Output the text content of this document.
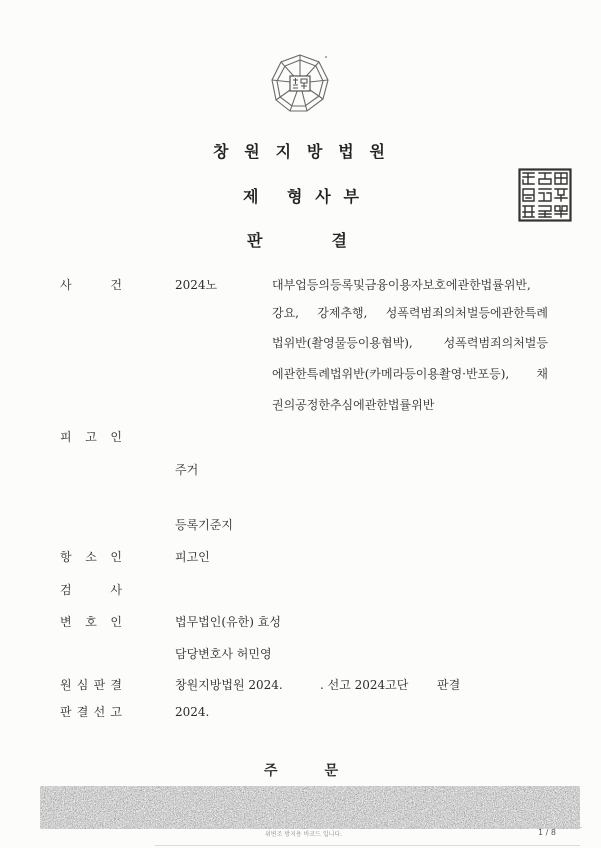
창 원 지 방 법 원
제 형 사 부
판 결
사 건	2024노	대부업등의등록및금융이용자보호에관한법률위반,
강요, 강제추행, 성폭력범죄의처벌등에관한특례
법위반(촬영물등이용협박), 성폭력범죄의처벌등
에관한특례법위반(카메라등이용촬영·반포등), 채
권의공정한추심에관한법률위반
피 고 인
주거
등록기준지
항 소 인	피고인
검 사
변 호 인	법무법인(유한) 효성
담당변호사 허민영
원 심 판 결	창원지방법원 2024.	. 선고 2024고단 판결
판 결 선 고	2024.
주 문
위변조 방지용 바코드 입니다.	1 / 8
